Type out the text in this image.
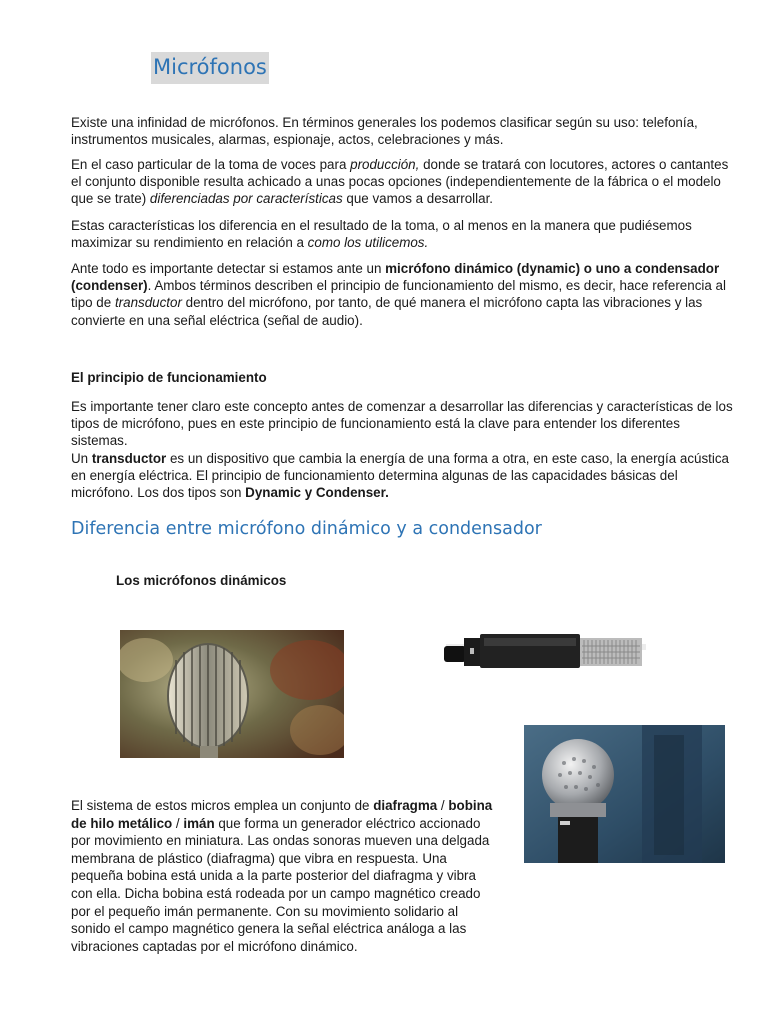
Micrófonos

Existe una infinidad de micrófonos. En términos generales los podemos clasificar según su uso: telefonía, instrumentos musicales, alarmas, espionaje, actos, celebraciones y más.

En el caso particular de la toma de voces para producción, donde se tratará con locutores, actores o cantantes el conjunto disponible resulta achicado a unas pocas opciones (independientemente de la fábrica o el modelo que se trate) diferenciadas por características que vamos a desarrollar.

Estas características los diferencia en el resultado de la toma, o al menos en la manera que pudiésemos maximizar su rendimiento en relación a como los utilicemos.

Ante todo es importante detectar si estamos ante un micrófono dinámico (dynamic) o uno a condensador (condenser). Ambos términos describen el principio de funcionamiento del mismo, es decir, hace referencia al tipo de transductor dentro del micrófono, por tanto, de qué manera el micrófono capta las vibraciones y las convierte en una señal eléctrica (señal de audio).

El principio de funcionamiento

Es importante tener claro este concepto antes de comenzar a desarrollar las diferencias y características de los tipos de micrófono, pues en este principio de funcionamiento está la clave para entender los diferentes sistemas.

Un transductor es un dispositivo que cambia la energía de una forma a otra, en este caso, la energía acústica en energía eléctrica. El principio de funcionamiento determina algunas de las capacidades básicas del micrófono. Los dos tipos son Dynamic y Condenser.

Diferencia entre micrófono dinámico y a condensador

Los micrófonos dinámicos

El sistema de estos micros emplea un conjunto de diafragma / bobina de hilo metálico / imán que forma un generador eléctrico accionado por movimiento en miniatura. Las ondas sonoras mueven una delgada membrana de plástico (diafragma) que vibra en respuesta. Una pequeña bobina está unida a la parte posterior del diafragma y vibra con ella. Dicha bobina está rodeada por un campo magnético creado por el pequeño imán permanente. Con su movimiento solidario al sonido el campo magnético genera la señal eléctrica análoga a las vibraciones captadas por el micrófono dinámico.
